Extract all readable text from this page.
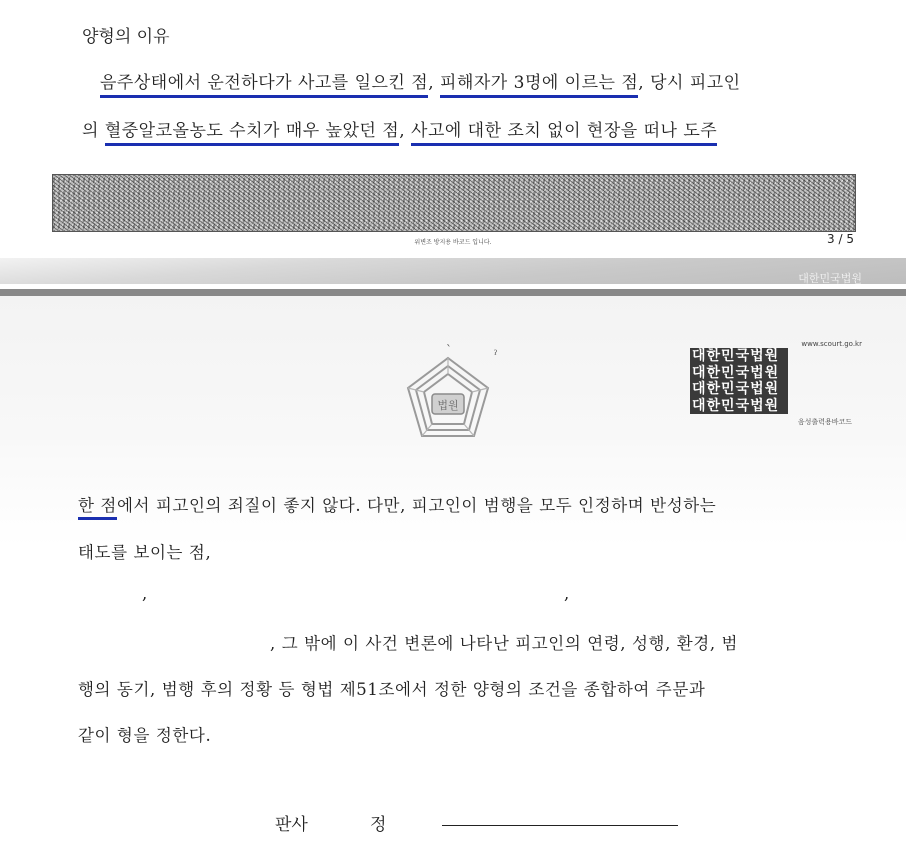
양형의 이유
음주상태에서 운전하다가 사고를 일으킨 점, 피해자가 3명에 이르는 점, 당시 피고인
의 혈중알코올농도 수치가 매우 높았던 점, 사고에 대한 조치 없이 현장을 떠나 도주
위변조 방지용 바코드 입니다.	3 / 5
대한민국법원
`	ˀ
법원
www.scourt.go.kr
대한민국법원
대한민국법원
대한민국법원
대한민국법원
음성출력용바코드
한 점에서 피고인의 죄질이 좋지 않다. 다만, 피고인이 범행을 모두 인정하며 반성하는
태도를 보이는 점,
,	,
, 그 밖에 이 사건 변론에 나타난 피고인의 연령, 성행, 환경, 범
행의 동기, 범행 후의 정황 등 형법 제51조에서 정한 양형의 조건을 종합하여 주문과
같이 형을 정한다.
판사	정
